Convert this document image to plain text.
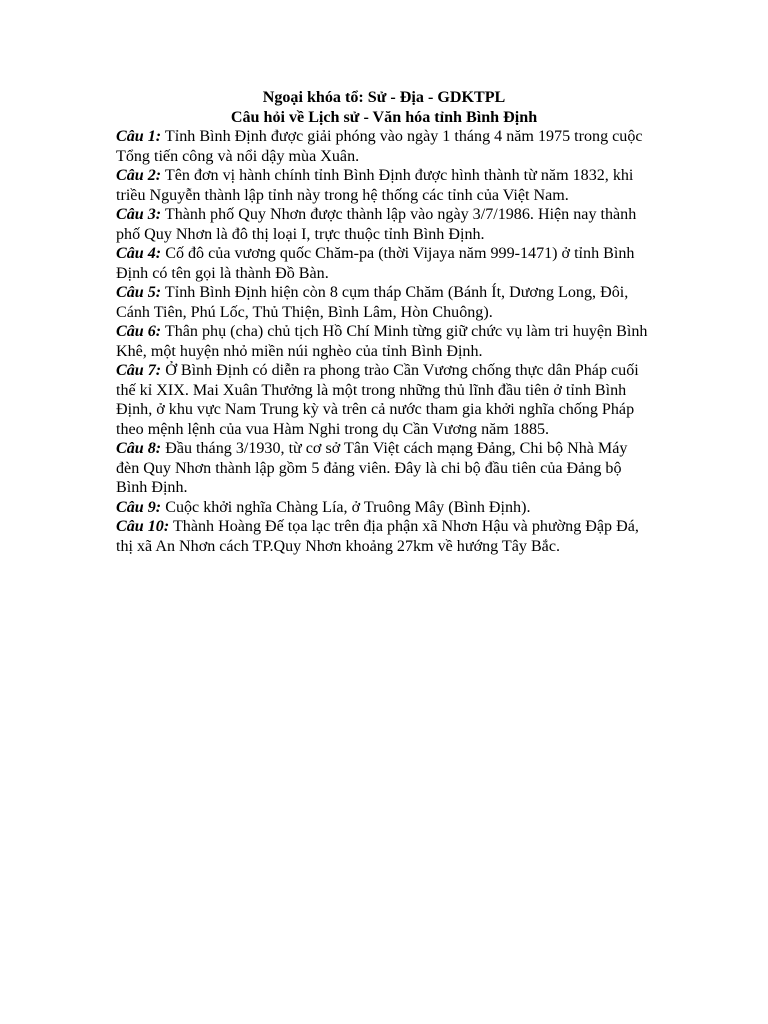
Ngoại khóa tổ: Sử - Địa - GDKTPL

Câu hỏi về Lịch sử - Văn hóa tỉnh Bình Định

Câu 1: Tỉnh Bình Định được giải phóng vào ngày 1 tháng 4 năm 1975 trong cuộc Tổng tiến công và nổi dậy mùa Xuân.

Câu 2: Tên đơn vị hành chính tỉnh Bình Định được hình thành từ năm 1832, khi triều Nguyễn thành lập tỉnh này trong hệ thống các tỉnh của Việt Nam.

Câu 3: Thành phố Quy Nhơn được thành lập vào ngày 3/7/1986. Hiện nay thành phố Quy Nhơn là đô thị loại I, trực thuộc tỉnh Bình Định.

Câu 4: Cố đô của vương quốc Chăm-pa (thời Vijaya năm 999-1471) ở tỉnh Bình Định có tên gọi là thành Đồ Bàn.

Câu 5: Tỉnh Bình Định hiện còn 8 cụm tháp Chăm (Bánh Ít, Dương Long, Đôi, Cánh Tiên, Phú Lốc, Thủ Thiện, Bình Lâm, Hòn Chuông).

Câu 6: Thân phụ (cha) chủ tịch Hồ Chí Minh từng giữ chức vụ làm tri huyện Bình Khê, một huyện nhỏ miền núi nghèo của tỉnh Bình Định.

Câu 7: Ở Bình Định có diễn ra phong trào Cần Vương chống thực dân Pháp cuối thế kỉ XIX. Mai Xuân Thưởng là một trong những thủ lĩnh đầu tiên ở tỉnh Bình Định, ở khu vực Nam Trung kỳ và trên cả nước tham gia khởi nghĩa chống Pháp theo mệnh lệnh của vua Hàm Nghi trong dụ Cần Vương năm 1885.

Câu 8: Đầu tháng 3/1930, từ cơ sở Tân Việt cách mạng Đảng, Chi bộ Nhà Máy đèn Quy Nhơn thành lập gồm 5 đảng viên. Đây là chi bộ đầu tiên của Đảng bộ Bình Định.

Câu 9: Cuộc khởi nghĩa Chàng Lía, ở Truông Mây (Bình Định).

Câu 10: Thành Hoàng Đế tọa lạc trên địa phận xã Nhơn Hậu và phường Đập Đá, thị xã An Nhơn cách TP.Quy Nhơn khoảng 27km về hướng Tây Bắc.
